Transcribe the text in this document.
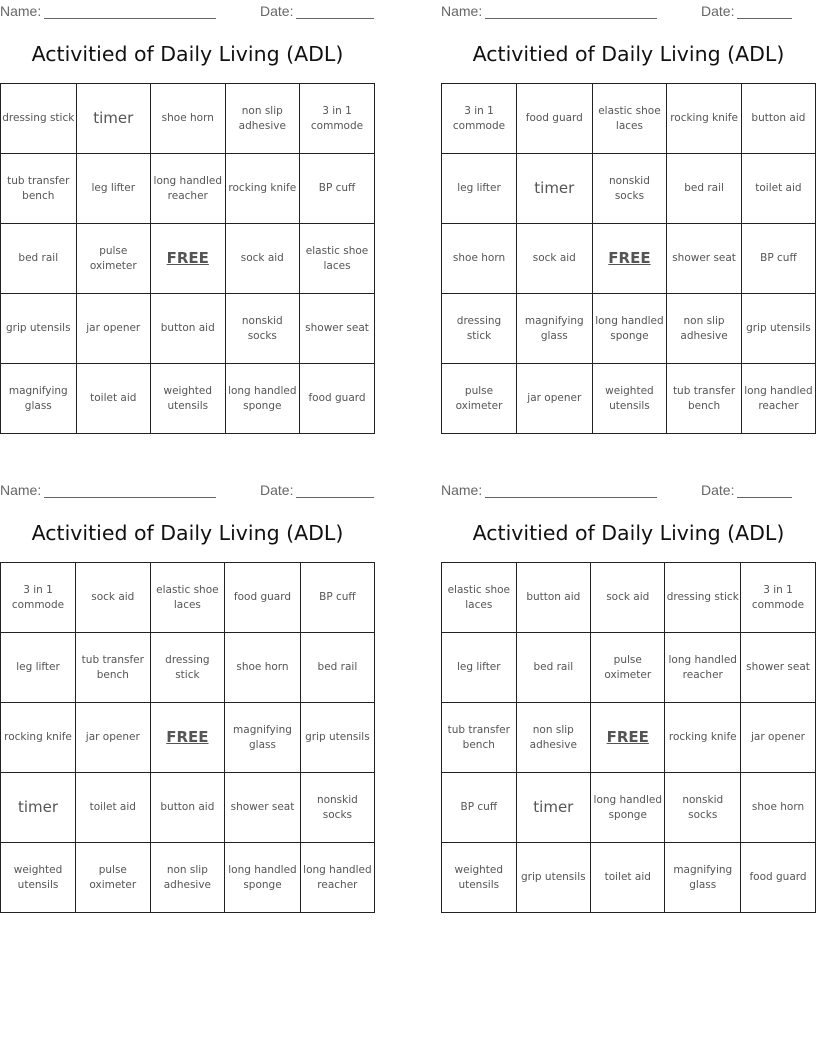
Name:	Date:
Activitied of Daily Living (ADL)
dressing stick	timer	shoe horn	non slip adhesive	3 in 1 commode
tub transfer bench	leg lifter	long handled reacher	rocking knife	BP cuff
bed rail	pulse oximeter	FREE	sock aid	elastic shoe laces
grip utensils	jar opener	button aid	nonskid socks	shower seat
magnifying glass	toilet aid	weighted utensils	long handled sponge	food guard
Name:	Date:
Activitied of Daily Living (ADL)
3 in 1 commode	food guard	elastic shoe laces	rocking knife	button aid
leg lifter	timer	nonskid socks	bed rail	toilet aid
shoe horn	sock aid	FREE	shower seat	BP cuff
dressing stick	magnifying glass	long handled sponge	non slip adhesive	grip utensils
pulse oximeter	jar opener	weighted utensils	tub transfer bench	long handled reacher
Name:	Date:
Activitied of Daily Living (ADL)
3 in 1 commode	sock aid	elastic shoe laces	food guard	BP cuff
leg lifter	tub transfer bench	dressing stick	shoe horn	bed rail
rocking knife	jar opener	FREE	magnifying glass	grip utensils
timer	toilet aid	button aid	shower seat	nonskid socks
weighted utensils	pulse oximeter	non slip adhesive	long handled sponge	long handled reacher
Name:	Date:
Activitied of Daily Living (ADL)
elastic shoe laces	button aid	sock aid	dressing stick	3 in 1 commode
leg lifter	bed rail	pulse oximeter	long handled reacher	shower seat
tub transfer bench	non slip adhesive	FREE	rocking knife	jar opener
BP cuff	timer	long handled sponge	nonskid socks	shoe horn
weighted utensils	grip utensils	toilet aid	magnifying glass	food guard
